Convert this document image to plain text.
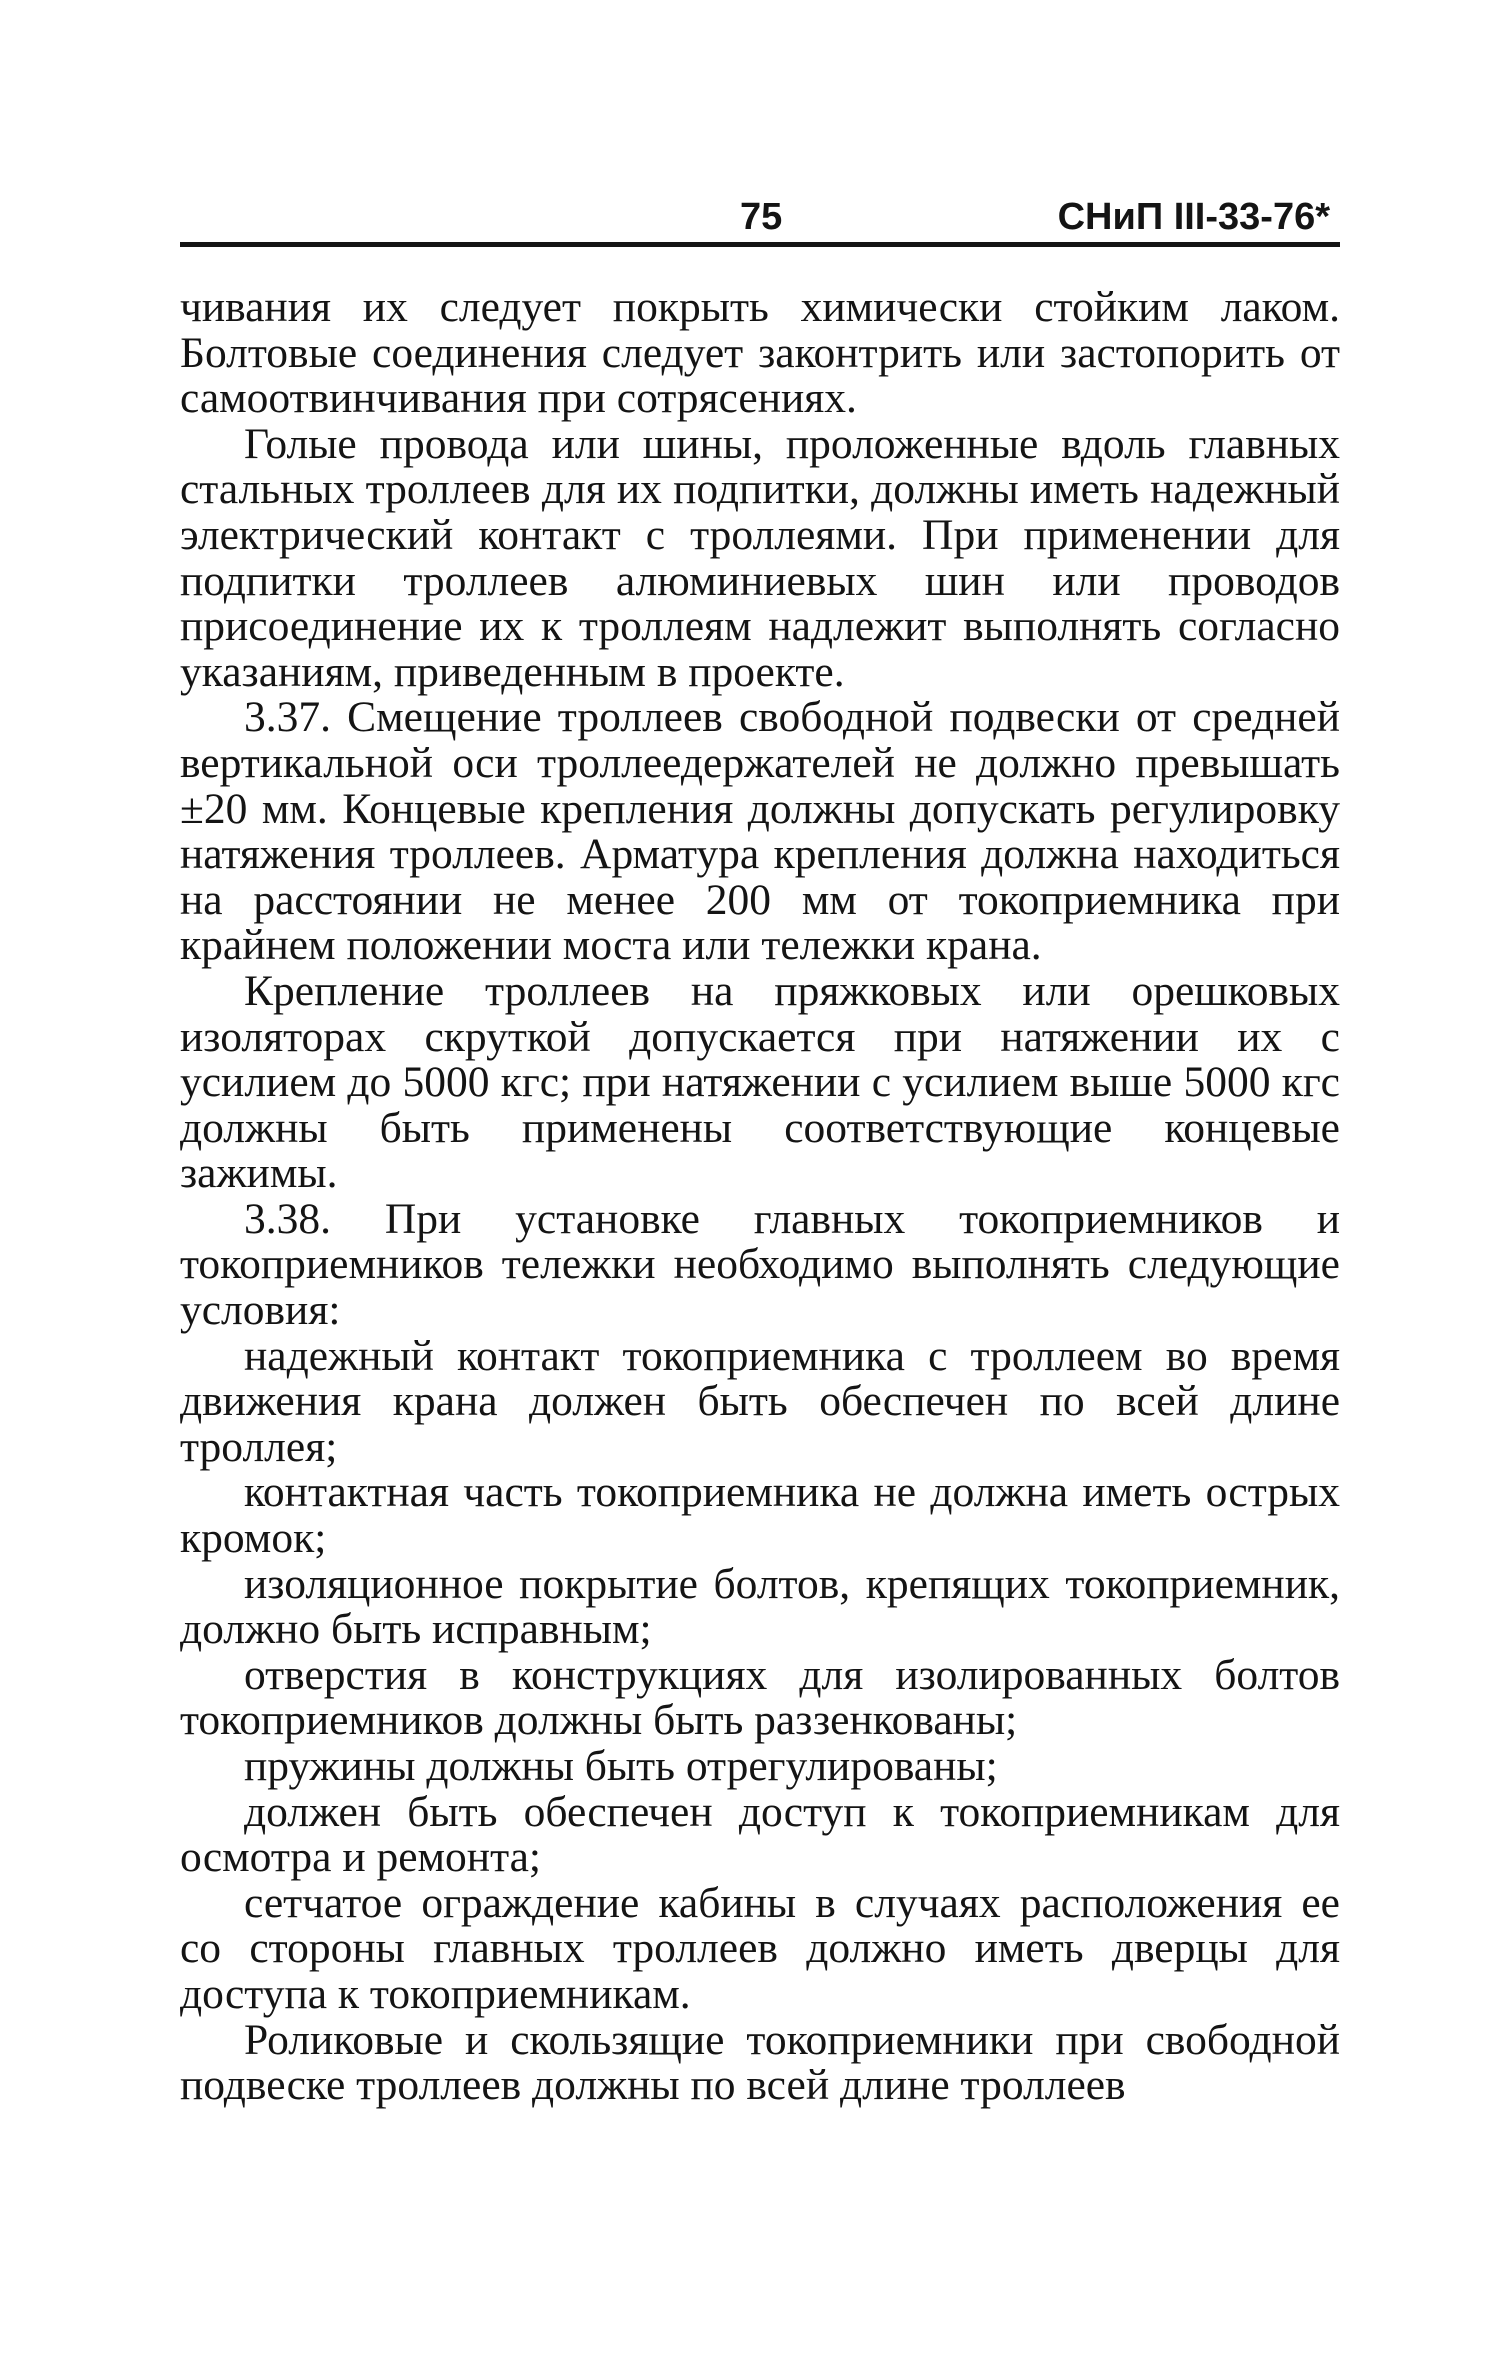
75	СНиП III-33-76*

чивания их следует покрыть химически стойким лаком. Болтовые соединения следует законтрить или застопорить от самоотвинчивания при сотрясениях.

Голые провода или шины, проложенные вдоль главных стальных троллеев для их подпитки, должны иметь надежный электрический контакт с троллеями. При применении для подпитки троллеев алюминиевых шин или проводов присоединение их к троллеям надлежит выполнять согласно указаниям, приведенным в проекте.

3.37. Смещение троллеев свободной подвески от средней вертикальной оси троллеедержателей не должно превышать ±20 мм. Концевые крепления должны допускать регулировку натяжения троллеев. Арматура крепления должна находиться на расстоянии не менее 200 мм от токоприемника при крайнем положении моста или тележки крана.

Крепление троллеев на пряжковых или орешковых изоляторах скруткой допускается при натяжении их с усилием до 5000 кгс; при натяжении с усилием выше 5000 кгс должны быть применены соответствующие концевые зажимы.

3.38. При установке главных токоприемников и токоприемников тележки необходимо выполнять следующие условия:

надежный контакт токоприемника с троллеем во время движения крана должен быть обеспечен по всей длине троллея;

контактная часть токоприемника не должна иметь острых кромок;

изоляционное покрытие болтов, крепящих токоприемник, должно быть исправным;

отверстия в конструкциях для изолированных болтов токоприемников должны быть раззенкованы;

пружины должны быть отрегулированы;

должен быть обеспечен доступ к токоприемникам для осмотра и ремонта;

сетчатое ограждение кабины в случаях расположения ее со стороны главных троллеев должно иметь дверцы для доступа к токоприемникам.

Роликовые и скользящие токоприемники при свободной подвеске троллеев должны по всей длине троллеев
